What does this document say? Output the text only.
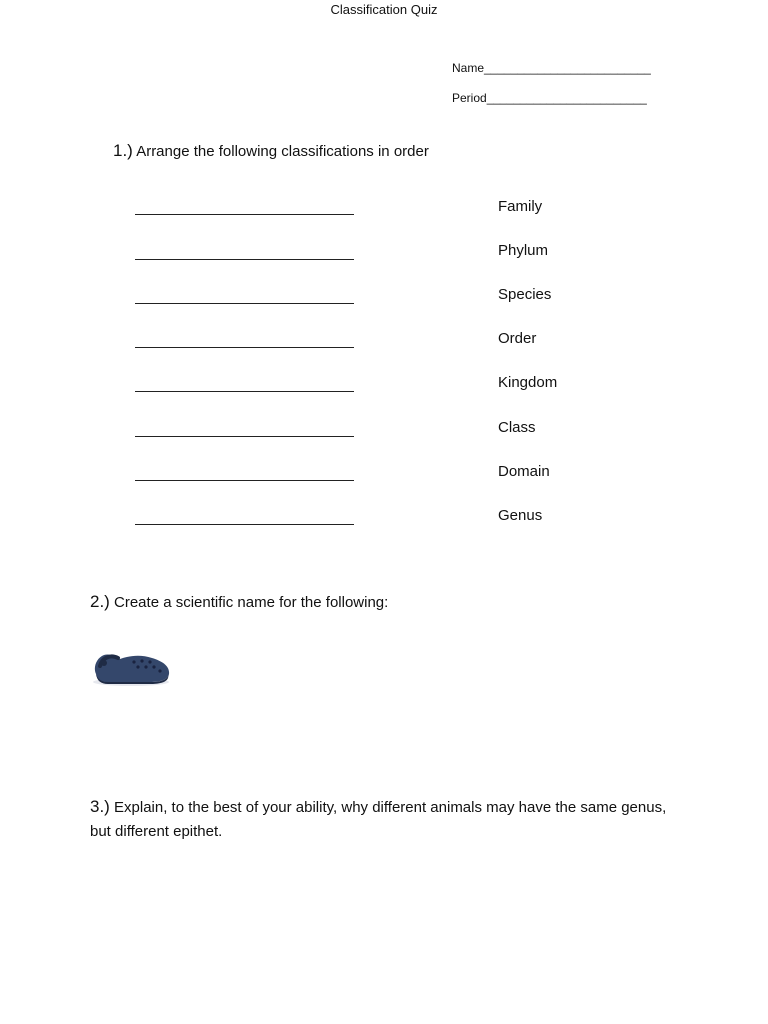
Classification Quiz
Name_________________________
Period________________________
1.) Arrange the following classifications in order
Family
Phylum
Species
Order
Kingdom
Class
Domain
Genus
2.) Create a scientific name for the following:
3.) Explain, to the best of your ability, why different animals may have the same genus, but different epithet.
